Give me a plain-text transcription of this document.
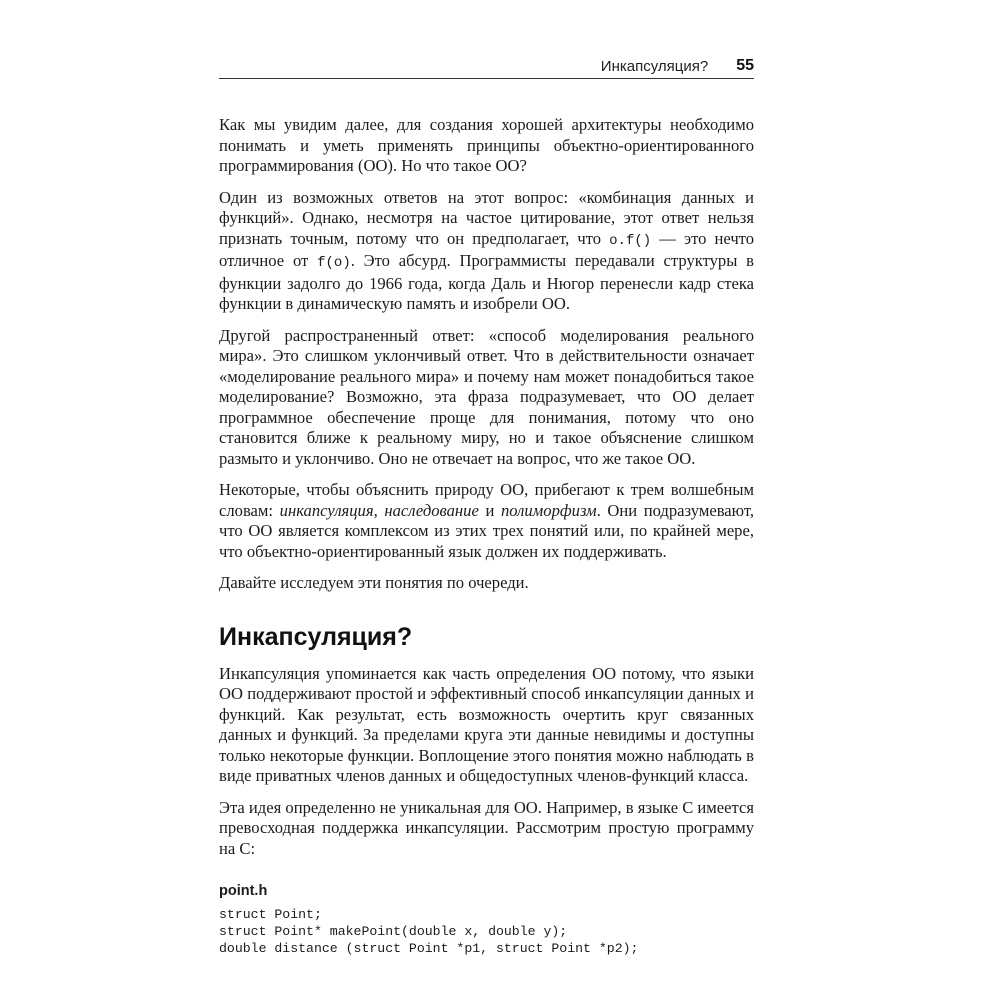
Инкапсуляция? 55

Как мы увидим далее, для создания хорошей архитектуры необходимо понимать и уметь применять принципы объектно-ориентированного программирования (ОО). Но что такое ОО?

Один из возможных ответов на этот вопрос: «комбинация данных и функций». Однако, несмотря на частое цитирование, этот ответ нельзя признать точным, потому что он предполагает, что o.f() — это нечто отличное от f(o). Это абсурд. Программисты передавали структуры в функции задолго до 1966 года, когда Даль и Нюгор перенесли кадр стека функции в динамическую память и изобрели ОО.

Другой распространенный ответ: «способ моделирования реального мира». Это слишком уклончивый ответ. Что в действительности означает «моделирование реального мира» и почему нам может понадобиться такое моделирование? Возможно, эта фраза подразумевает, что ОО делает программное обеспечение проще для понимания, потому что оно становится ближе к реальному миру, но и такое объяснение слишком размыто и уклончиво. Оно не отвечает на вопрос, что же такое ОО.

Некоторые, чтобы объяснить природу ОО, прибегают к трем волшебным словам: инкапсуляция, наследование и полиморфизм. Они подразумевают, что ОО является комплексом из этих трех понятий или, по крайней мере, что объектно-ориентированный язык должен их поддерживать.

Давайте исследуем эти понятия по очереди.

Инкапсуляция?

Инкапсуляция упоминается как часть определения ОО потому, что языки ОО поддерживают простой и эффективный способ инкапсуляции данных и функций. Как результат, есть возможность очертить круг связанных данных и функций. За пределами круга эти данные невидимы и доступны только некоторые функции. Воплощение этого понятия можно наблюдать в виде приватных членов данных и общедоступных членов-функций класса.

Эта идея определенно не уникальная для ОО. Например, в языке C имеется превосходная поддержка инкапсуляции. Рассмотрим простую программу на C:

point.h
struct Point;
struct Point* makePoint(double x, double y);
double distance (struct Point *p1, struct Point *p2);
